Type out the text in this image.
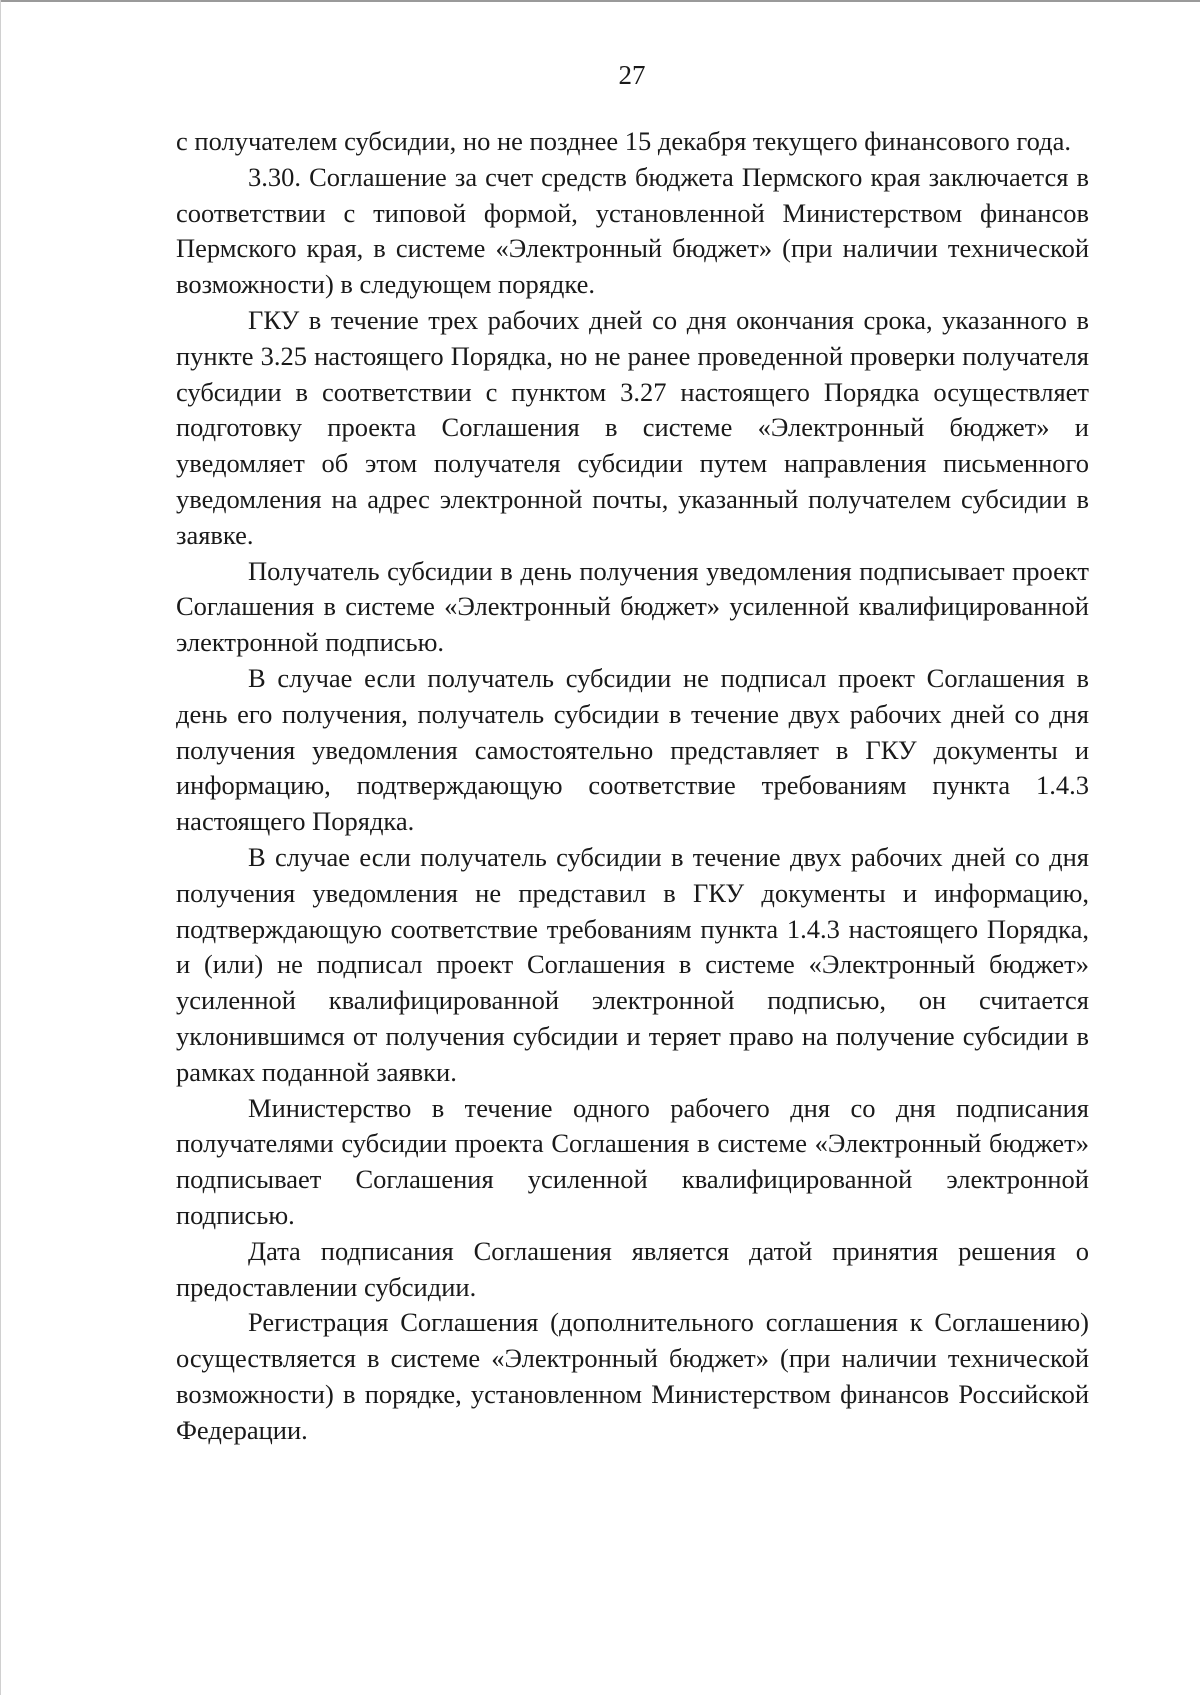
27

с получателем субсидии, но не позднее 15 декабря текущего финансового года.

3.30. Соглашение за счет средств бюджета Пермского края заключается в соответствии с типовой формой, установленной Министерством финансов Пермского края, в системе «Электронный бюджет» (при наличии технической возможности) в следующем порядке.

ГКУ в течение трех рабочих дней со дня окончания срока, указанного в пункте 3.25 настоящего Порядка, но не ранее проведенной проверки получателя субсидии в соответствии с пунктом 3.27 настоящего Порядка осуществляет подготовку проекта Соглашения в системе «Электронный бюджет» и уведомляет об этом получателя субсидии путем направления письменного уведомления на адрес электронной почты, указанный получателем субсидии в заявке.

Получатель субсидии в день получения уведомления подписывает проект Соглашения в системе «Электронный бюджет» усиленной квалифицированной электронной подписью.

В случае если получатель субсидии не подписал проект Соглашения в день его получения, получатель субсидии в течение двух рабочих дней со дня получения уведомления самостоятельно представляет в ГКУ документы и информацию, подтверждающую соответствие требованиям пункта 1.4.3 настоящего Порядка.

В случае если получатель субсидии в течение двух рабочих дней со дня получения уведомления не представил в ГКУ документы и информацию, подтверждающую соответствие требованиям пункта 1.4.3 настоящего Порядка, и (или) не подписал проект Соглашения в системе «Электронный бюджет» усиленной квалифицированной электронной подписью, он считается уклонившимся от получения субсидии и теряет право на получение субсидии в рамках поданной заявки.

Министерство в течение одного рабочего дня со дня подписания получателями субсидии проекта Соглашения в системе «Электронный бюджет» подписывает Соглашения усиленной квалифицированной электронной подписью.

Дата подписания Соглашения является датой принятия решения о предоставлении субсидии.

Регистрация Соглашения (дополнительного соглашения к Соглашению) осуществляется в системе «Электронный бюджет» (при наличии технической возможности) в порядке, установленном Министерством финансов Российской Федерации.
